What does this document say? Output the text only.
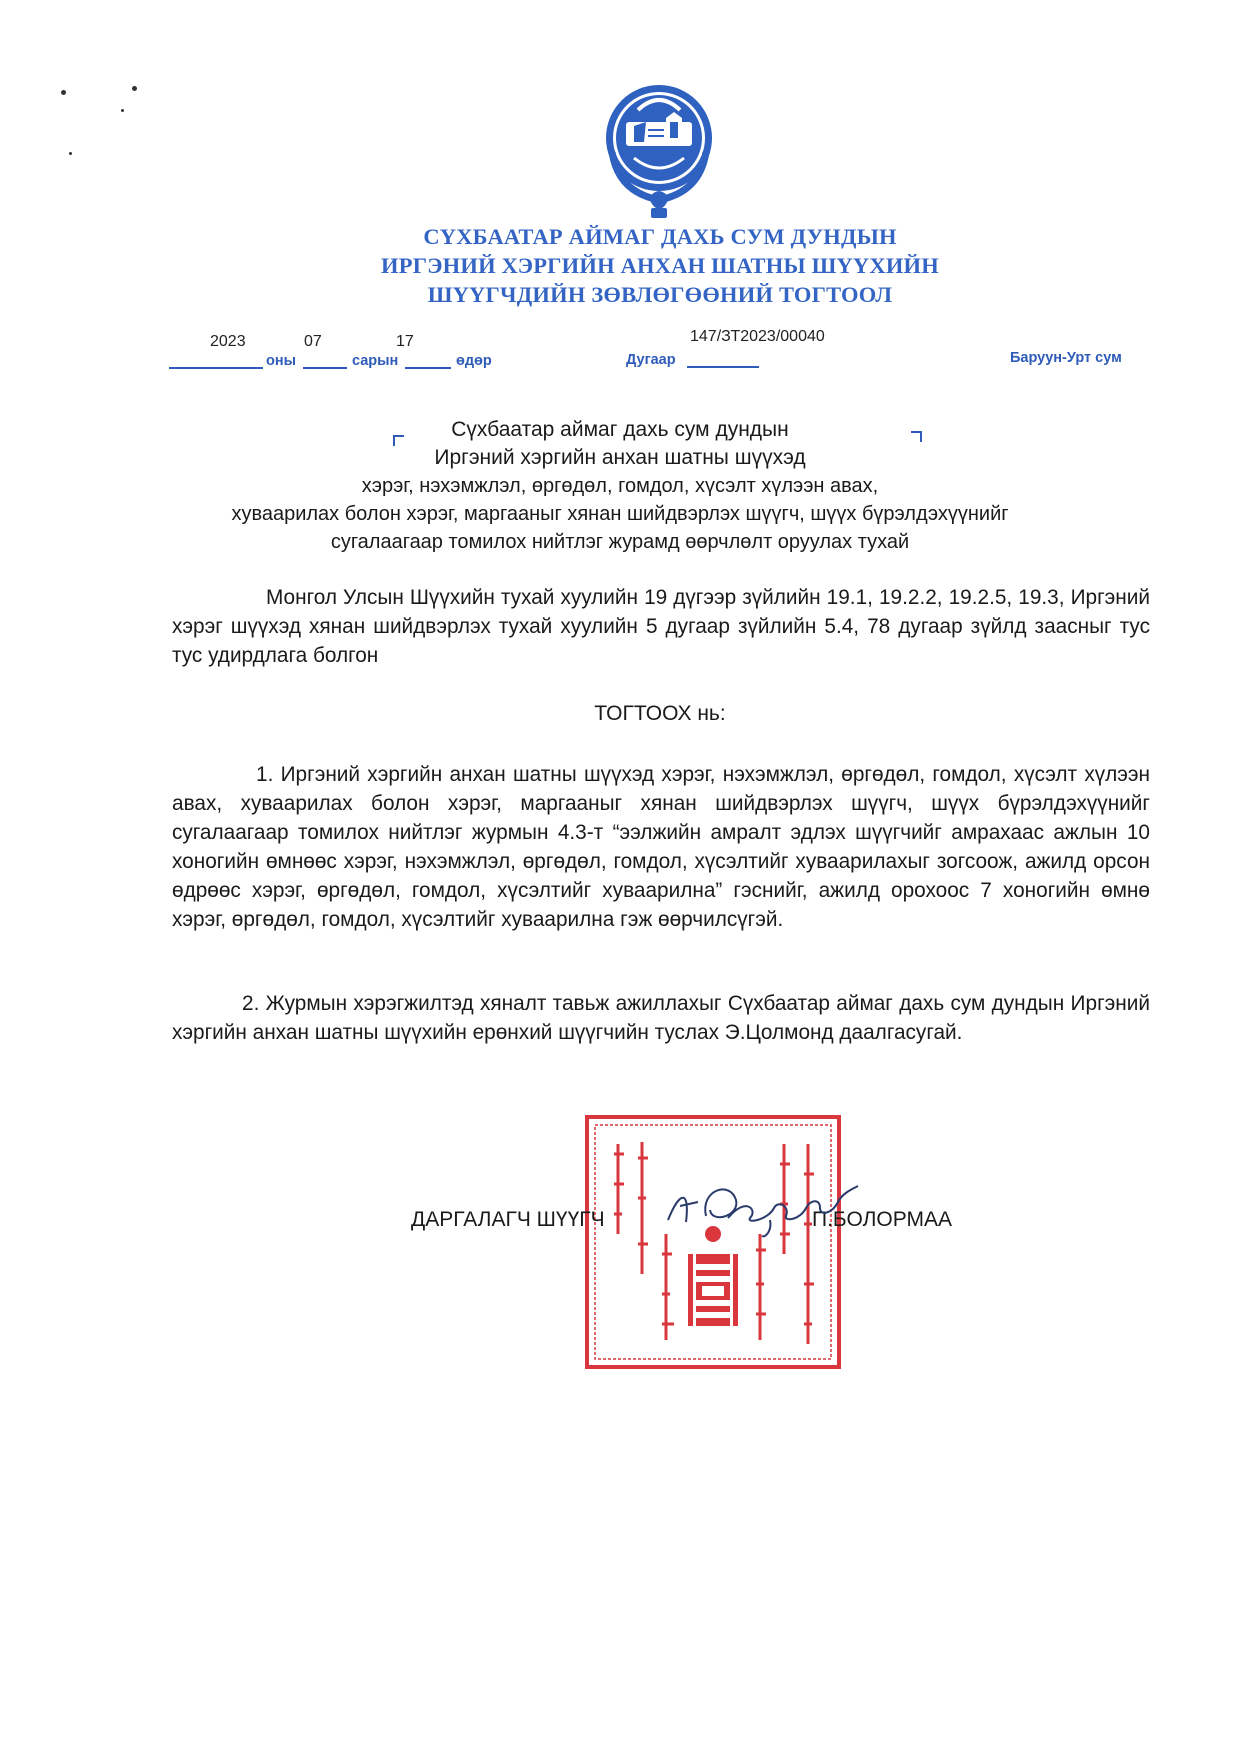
СҮХБААТАР АЙМАГ ДАХЬ СУМ ДУНДЫН
ИРГЭНИЙ ХЭРГИЙН АНХАН ШАТНЫ ШҮҮХИЙН
ШҮҮГЧДИЙН ЗӨВЛӨГӨӨНИЙ ТОГТООЛ
2023
оны
07
сарын
17
өдөр	Дугаар
147/ЗТ2023/00040
Баруун-Урт сум
Сүхбаатар аймаг дахь сум дундын
Иргэний хэргийн анхан шатны шүүхэд
хэрэг, нэхэмжлэл, өргөдөл, гомдол, хүсэлт хүлээн авах,
хуваарилах болон хэрэг, маргааныг хянан шийдвэрлэх шүүгч, шүүх бүрэлдэхүүнийг
сугалаагаар томилох нийтлэг журамд өөрчлөлт оруулах тухай
Монгол Улсын Шүүхийн тухай хуулийн 19 дүгээр зүйлийн 19.1, 19.2.2, 19.2.5, 19.3, Иргэний хэрэг шүүхэд хянан шийдвэрлэх тухай хуулийн 5 дугаар зүйлийн 5.4, 78 дугаар зүйлд заасныг тус тус удирдлага болгон
ТОГТООХ нь:
1. Иргэний хэргийн анхан шатны шүүхэд хэрэг, нэхэмжлэл, өргөдөл, гомдол, хүсэлт хүлээн авах, хуваарилах болон хэрэг, маргааныг хянан шийдвэрлэх шүүгч, шүүх бүрэлдэхүүнийг сугалаагаар томилох нийтлэг журмын 4.3-т “ээлжийн амралт эдлэх шүүгчийг амрахаас ажлын 10 хоногийн өмнөөс хэрэг, нэхэмжлэл, өргөдөл, гомдол, хүсэлтийг хуваарилахыг зогсоож, ажилд орсон өдрөөс хэрэг, өргөдөл, гомдол, хүсэлтийг хуваарилна” гэснийг, ажилд орохоос 7 хоногийн өмнө хэрэг, өргөдөл, гомдол, хүсэлтийг хуваарилна гэж өөрчилсүгэй.
2. Журмын хэрэгжилтэд хяналт тавьж ажиллахыг Сүхбаатар аймаг дахь сум дундын Иргэний хэргийн анхан шатны шүүхийн ерөнхий шүүгчийн туслах Э.Цолмонд даалгасугай.
ДАРГАЛАГЧ ШҮҮГЧ	П.БОЛОРМАА
